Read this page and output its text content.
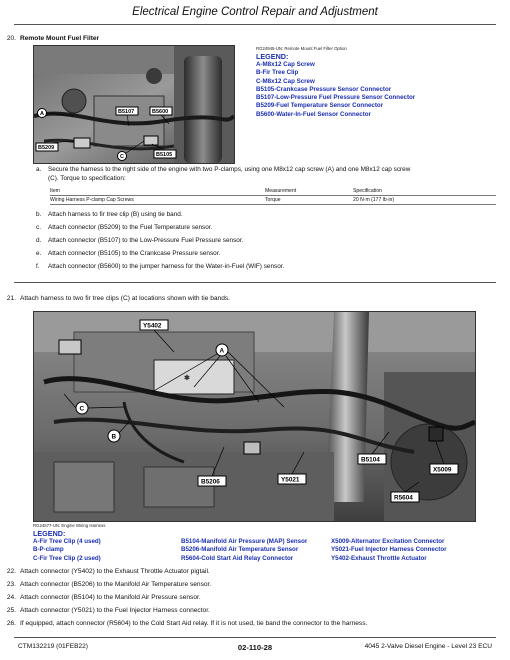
Electrical Engine Control Repair and Adjustment
20. Remote Mount Fuel Filter
B5107	B5600
B5209
B5105
A
C
RG24945-UN: Remote Mount Fuel Filter Option
LEGEND:
A-M8x12 Cap Screw
B-Fir Tree Clip
C-M8x12 Cap Screw
B5105-Crankcase Pressure Sensor Connector
B5107-Low-Pressure Fuel Pressure Sensor Connector
B5209-Fuel Temperature Sensor Connector
B5600-Water-In-Fuel Sensor Connector
a.	Secure the harness to the right side of the engine with two P-clamps, using one M8x12 cap screw (A) and one M8x12 cap screw
(C). Torque to specification:
Item	Measurement	Specification
Wiring Harness P-clamp Cap Screws	Torque	20 N·m (177 lb·in)
b.	Attach harness to fir tree clip (B) using tie band.
c.	Attach connector (B5209) to the Fuel Temperature sensor.
d.	Attach connector (B5107) to the Low-Pressure Fuel Pressure sensor.
e.	Attach connector (B5105) to the Crankcase Pressure sensor.
f.	Attach connector (B5600) to the jumper harness for the Water-in-Fuel (WIF) sensor.
21. Attach harness to two fir tree clips (C) at locations shown with tie bands.
✱
Y5402
B5206	Y5021
R5604
X5009
B5104
A
C
B
RG24577-UN: Engine Wiring Harness
LEGEND:
A-Fir Tree Clip (4 used)
B-P-clamp
C-Fir Tree Clip (2 used)
B5104-Manifold Air Pressure (MAP) Sensor
B5206-Manifold Air Temperature Sensor
R5604-Cold Start Aid Relay Connector
X5009-Alternator Excitation Connector
Y5021-Fuel Injector Harness Connector
Y5402-Exhaust Throttle Actuator
22. Attach connector (Y5402) to the Exhaust Throttle Actuator pigtail.
23. Attach connector (B5206) to the Manifold Air Temperature sensor.
24. Attach connector (B5104) to the Manifold Air Pressure sensor.
25. Attach connector (Y5021) to the Fuel Injector Harness connector.
26. If equipped, attach connector (R5604) to the Cold Start Aid relay. If it is not used, tie band the connector to the harness.
CTM132219 (01FEB22)	02-110-28	4045 2-Valve Diesel Engine - Level 23 ECU
